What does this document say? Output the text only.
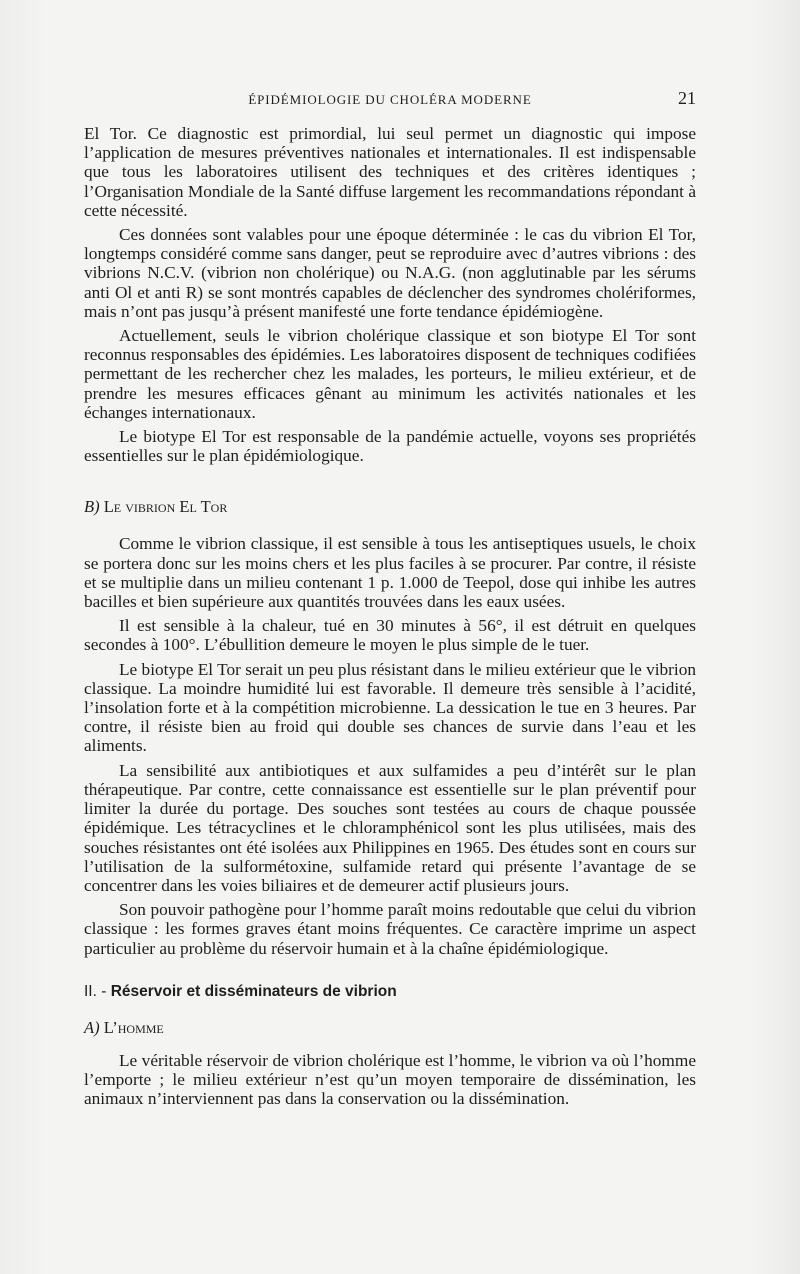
ÉPIDÉMIOLOGIE DU CHOLÉRA MODERNE	21

El Tor. Ce diagnostic est primordial, lui seul permet un diagnostic qui impose l’application de mesures préventives nationales et internationales. Il est indispensable que tous les laboratoires utilisent des techniques et des critères identiques ; l’Organisation Mondiale de la Santé diffuse largement les recommandations répondant à cette nécessité.

Ces données sont valables pour une époque déterminée : le cas du vibrion El Tor, longtemps considéré comme sans danger, peut se reproduire avec d’autres vibrions : des vibrions N.C.V. (vibrion non cholérique) ou N.A.G. (non agglutinable par les sérums anti Ol et anti R) se sont montrés capables de déclencher des syndromes cholériformes, mais n’ont pas jusqu’à présent manifesté une forte tendance épidémiogène.

Actuellement, seuls le vibrion cholérique classique et son biotype El Tor sont reconnus responsables des épidémies. Les laboratoires disposent de techniques codifiées permettant de les rechercher chez les malades, les porteurs, le milieu extérieur, et de prendre les mesures efficaces gênant au minimum les activités nationales et les échanges internationaux.

Le biotype El Tor est responsable de la pandémie actuelle, voyons ses propriétés essentielles sur le plan épidémiologique.

B) Le vibrion El Tor

Comme le vibrion classique, il est sensible à tous les antiseptiques usuels, le choix se portera donc sur les moins chers et les plus faciles à se procurer. Par contre, il résiste et se multiplie dans un milieu contenant 1 p. 1.000 de Teepol, dose qui inhibe les autres bacilles et bien supérieure aux quantités trouvées dans les eaux usées.

Il est sensible à la chaleur, tué en 30 minutes à 56°, il est détruit en quelques secondes à 100°. L’ébullition demeure le moyen le plus simple de le tuer.

Le biotype El Tor serait un peu plus résistant dans le milieu extérieur que le vibrion classique. La moindre humidité lui est favorable. Il demeure très sensible à l’acidité, l’insolation forte et à la compétition microbienne. La dessication le tue en 3 heures. Par contre, il résiste bien au froid qui double ses chances de survie dans l’eau et les aliments.

La sensibilité aux antibiotiques et aux sulfamides a peu d’intérêt sur le plan thérapeutique. Par contre, cette connaissance est essentielle sur le plan préventif pour limiter la durée du portage. Des souches sont testées au cours de chaque poussée épidémique. Les tétracyclines et le chloramphénicol sont les plus utilisées, mais des souches résistantes ont été isolées aux Philippines en 1965. Des études sont en cours sur l’utilisation de la sulformétoxine, sulfamide retard qui présente l’avantage de se concentrer dans les voies biliaires et de demeurer actif plusieurs jours.

Son pouvoir pathogène pour l’homme paraît moins redoutable que celui du vibrion classique : les formes graves étant moins fréquentes. Ce caractère imprime un aspect particulier au problème du réservoir humain et à la chaîne épidémiologique.

II. - Réservoir et disséminateurs de vibrion
A) L’homme

Le véritable réservoir de vibrion cholérique est l’homme, le vibrion va où l’homme l’emporte ; le milieu extérieur n’est qu’un moyen temporaire de dissémination, les animaux n’interviennent pas dans la conservation ou la dissémination.
